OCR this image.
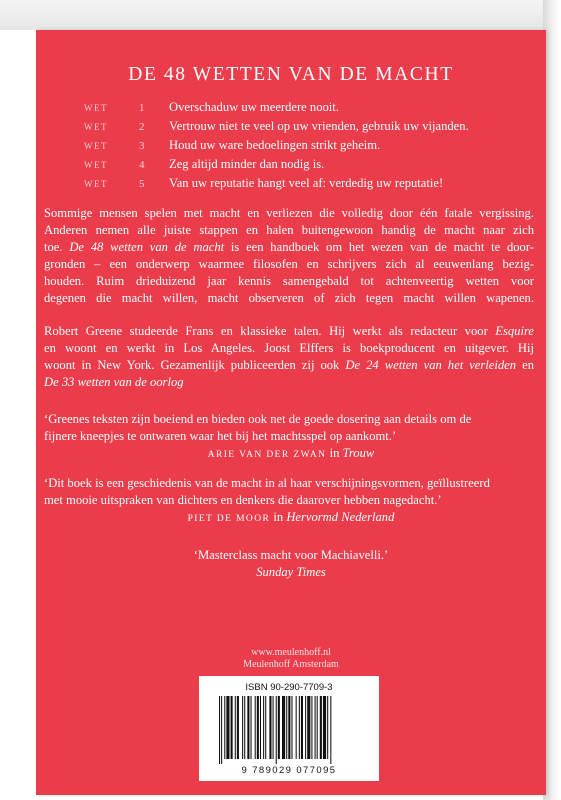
DE 48 WETTEN VAN DE MACHT
WET	1	Overschaduw uw meerdere nooit.
WET	2	Vertrouw niet te veel op uw vrienden, gebruik uw vijanden.
WET	3	Houd uw ware bedoelingen strikt geheim.
WET	4	Zeg altijd minder dan nodig is.
WET	5	Van uw reputatie hangt veel af: verdedig uw reputatie!
Sommige mensen spelen met macht en verliezen die volledig door één fatale vergissing.
Anderen nemen alle juiste stappen en halen buitengewoon handig de macht naar zich
toe. De 48 wetten van de macht is een handboek om het wezen van de macht te door-
gronden – een onderwerp waarmee filosofen en schrijvers zich al eeuwenlang bezig-
houden. Ruim drieduizend jaar kennis samengebald tot achtenveertig wetten voor
degenen die macht willen, macht observeren of zich tegen macht willen wapenen.
Robert Greene studeerde Frans en klassieke talen. Hij werkt als redacteur voor Esquire
en woont en werkt in Los Angeles. Joost Elffers is boekproducent en uitgever. Hij
woont in New York. Gezamenlijk publiceerden zij ook De 24 wetten van het verleiden en
De 33 wetten van de oorlog
‘Greenes teksten zijn boeiend en bieden ook net de goede dosering aan details om de
fijnere kneepjes te ontwaren waar het bij het machtsspel op aankomt.’
ARIE VAN DER ZWAN in Trouw
‘Dit boek is een geschiedenis van de macht in al haar verschijningsvormen, geïllustreerd
met mooie uitspraken van dichters en denkers die daarover hebben nagedacht.’
PIET DE MOOR in Hervormd Nederland
‘Masterclass macht voor Machiavelli.’
Sunday Times
www.meulenhoff.nl
Meulenhoff Amsterdam
ISBN 90-290-7709-3
9 789029 077095
